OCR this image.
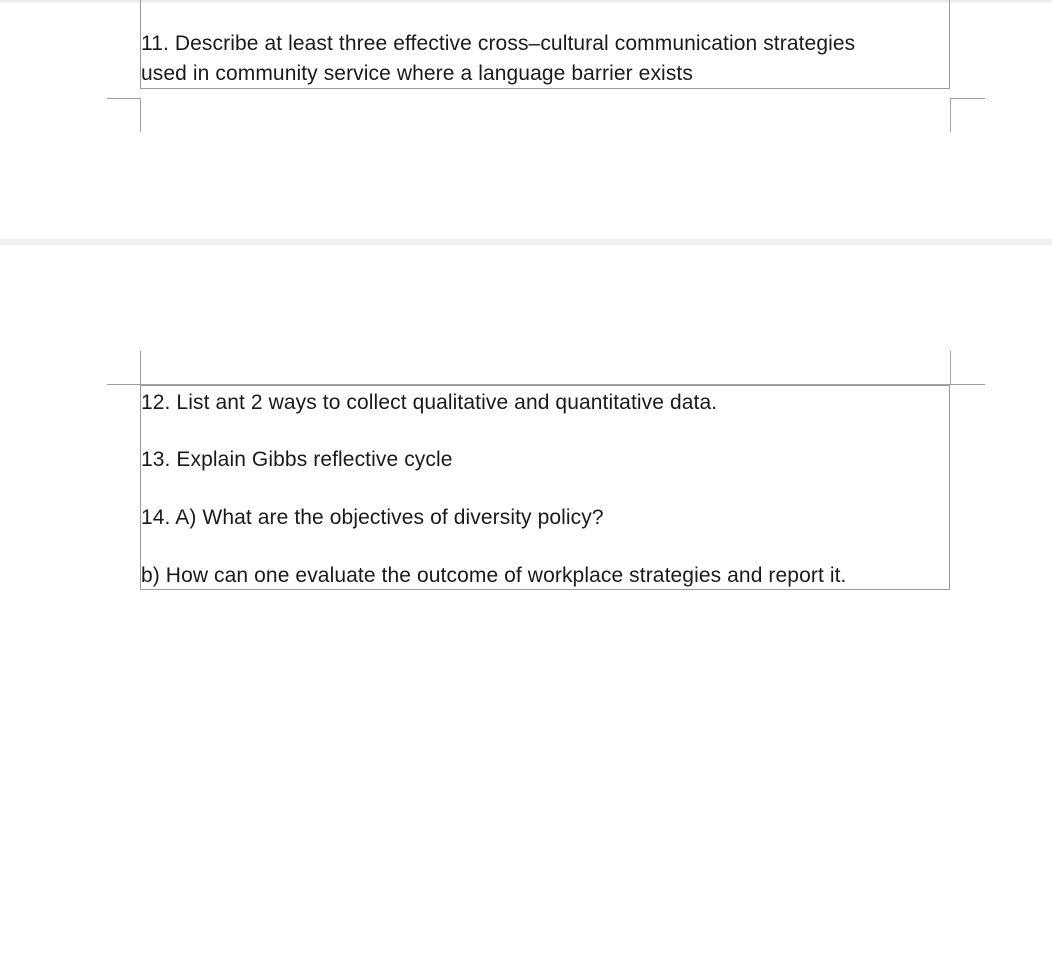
11. Describe at least three effective cross–cultural communication strategies
used in community service where a language barrier exists
12. List ant 2 ways to collect qualitative and quantitative data.
13. Explain Gibbs reflective cycle
14. A) What are the objectives of diversity policy?
b) How can one evaluate the outcome of workplace strategies and report it.
